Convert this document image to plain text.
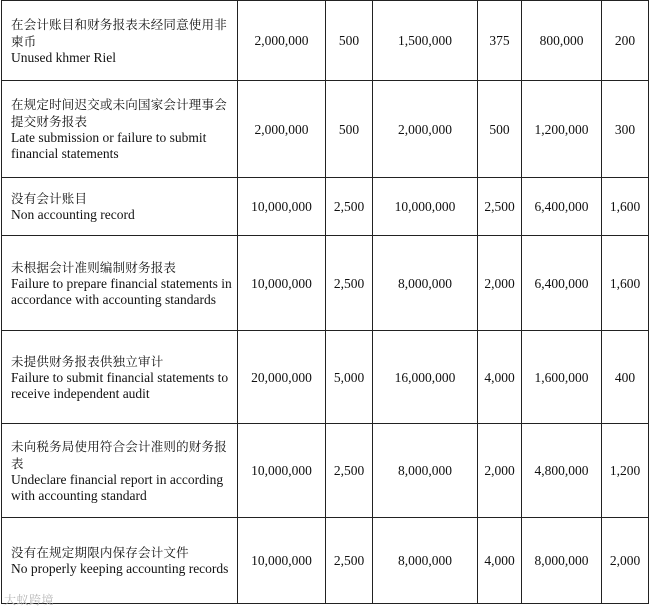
在会计账目和财务报表未经同意使用非柬币
Unused khmer Riel	2,000,000	500	1,500,000	375	800,000	200

在规定时间迟交或未向国家会计理事会提交财务报表
Late submission or failure to submit financial statements	2,000,000	500	2,000,000	500	1,200,000	300

没有会计账目
Non accounting record	10,000,000	2,500	10,000,000	2,500	6,400,000	1,600

未根据会计准则编制财务报表
Failure to prepare financial statements in accordance with accounting standards	10,000,000	2,500	8,000,000	2,000	6,400,000	1,600

未提供财务报表供独立审计
Failure to submit financial statements to receive independent audit	20,000,000	5,000	16,000,000	4,000	1,600,000	400

未向税务局使用符合会计准则的财务报表
Undeclare financial report in according with accounting standard	10,000,000	2,500	8,000,000	2,000	4,800,000	1,200

没有在规定期限内保存会计文件
No properly keeping accounting records	10,000,000	2,500	8,000,000	4,000	8,000,000	2,000
大蚁跨境
